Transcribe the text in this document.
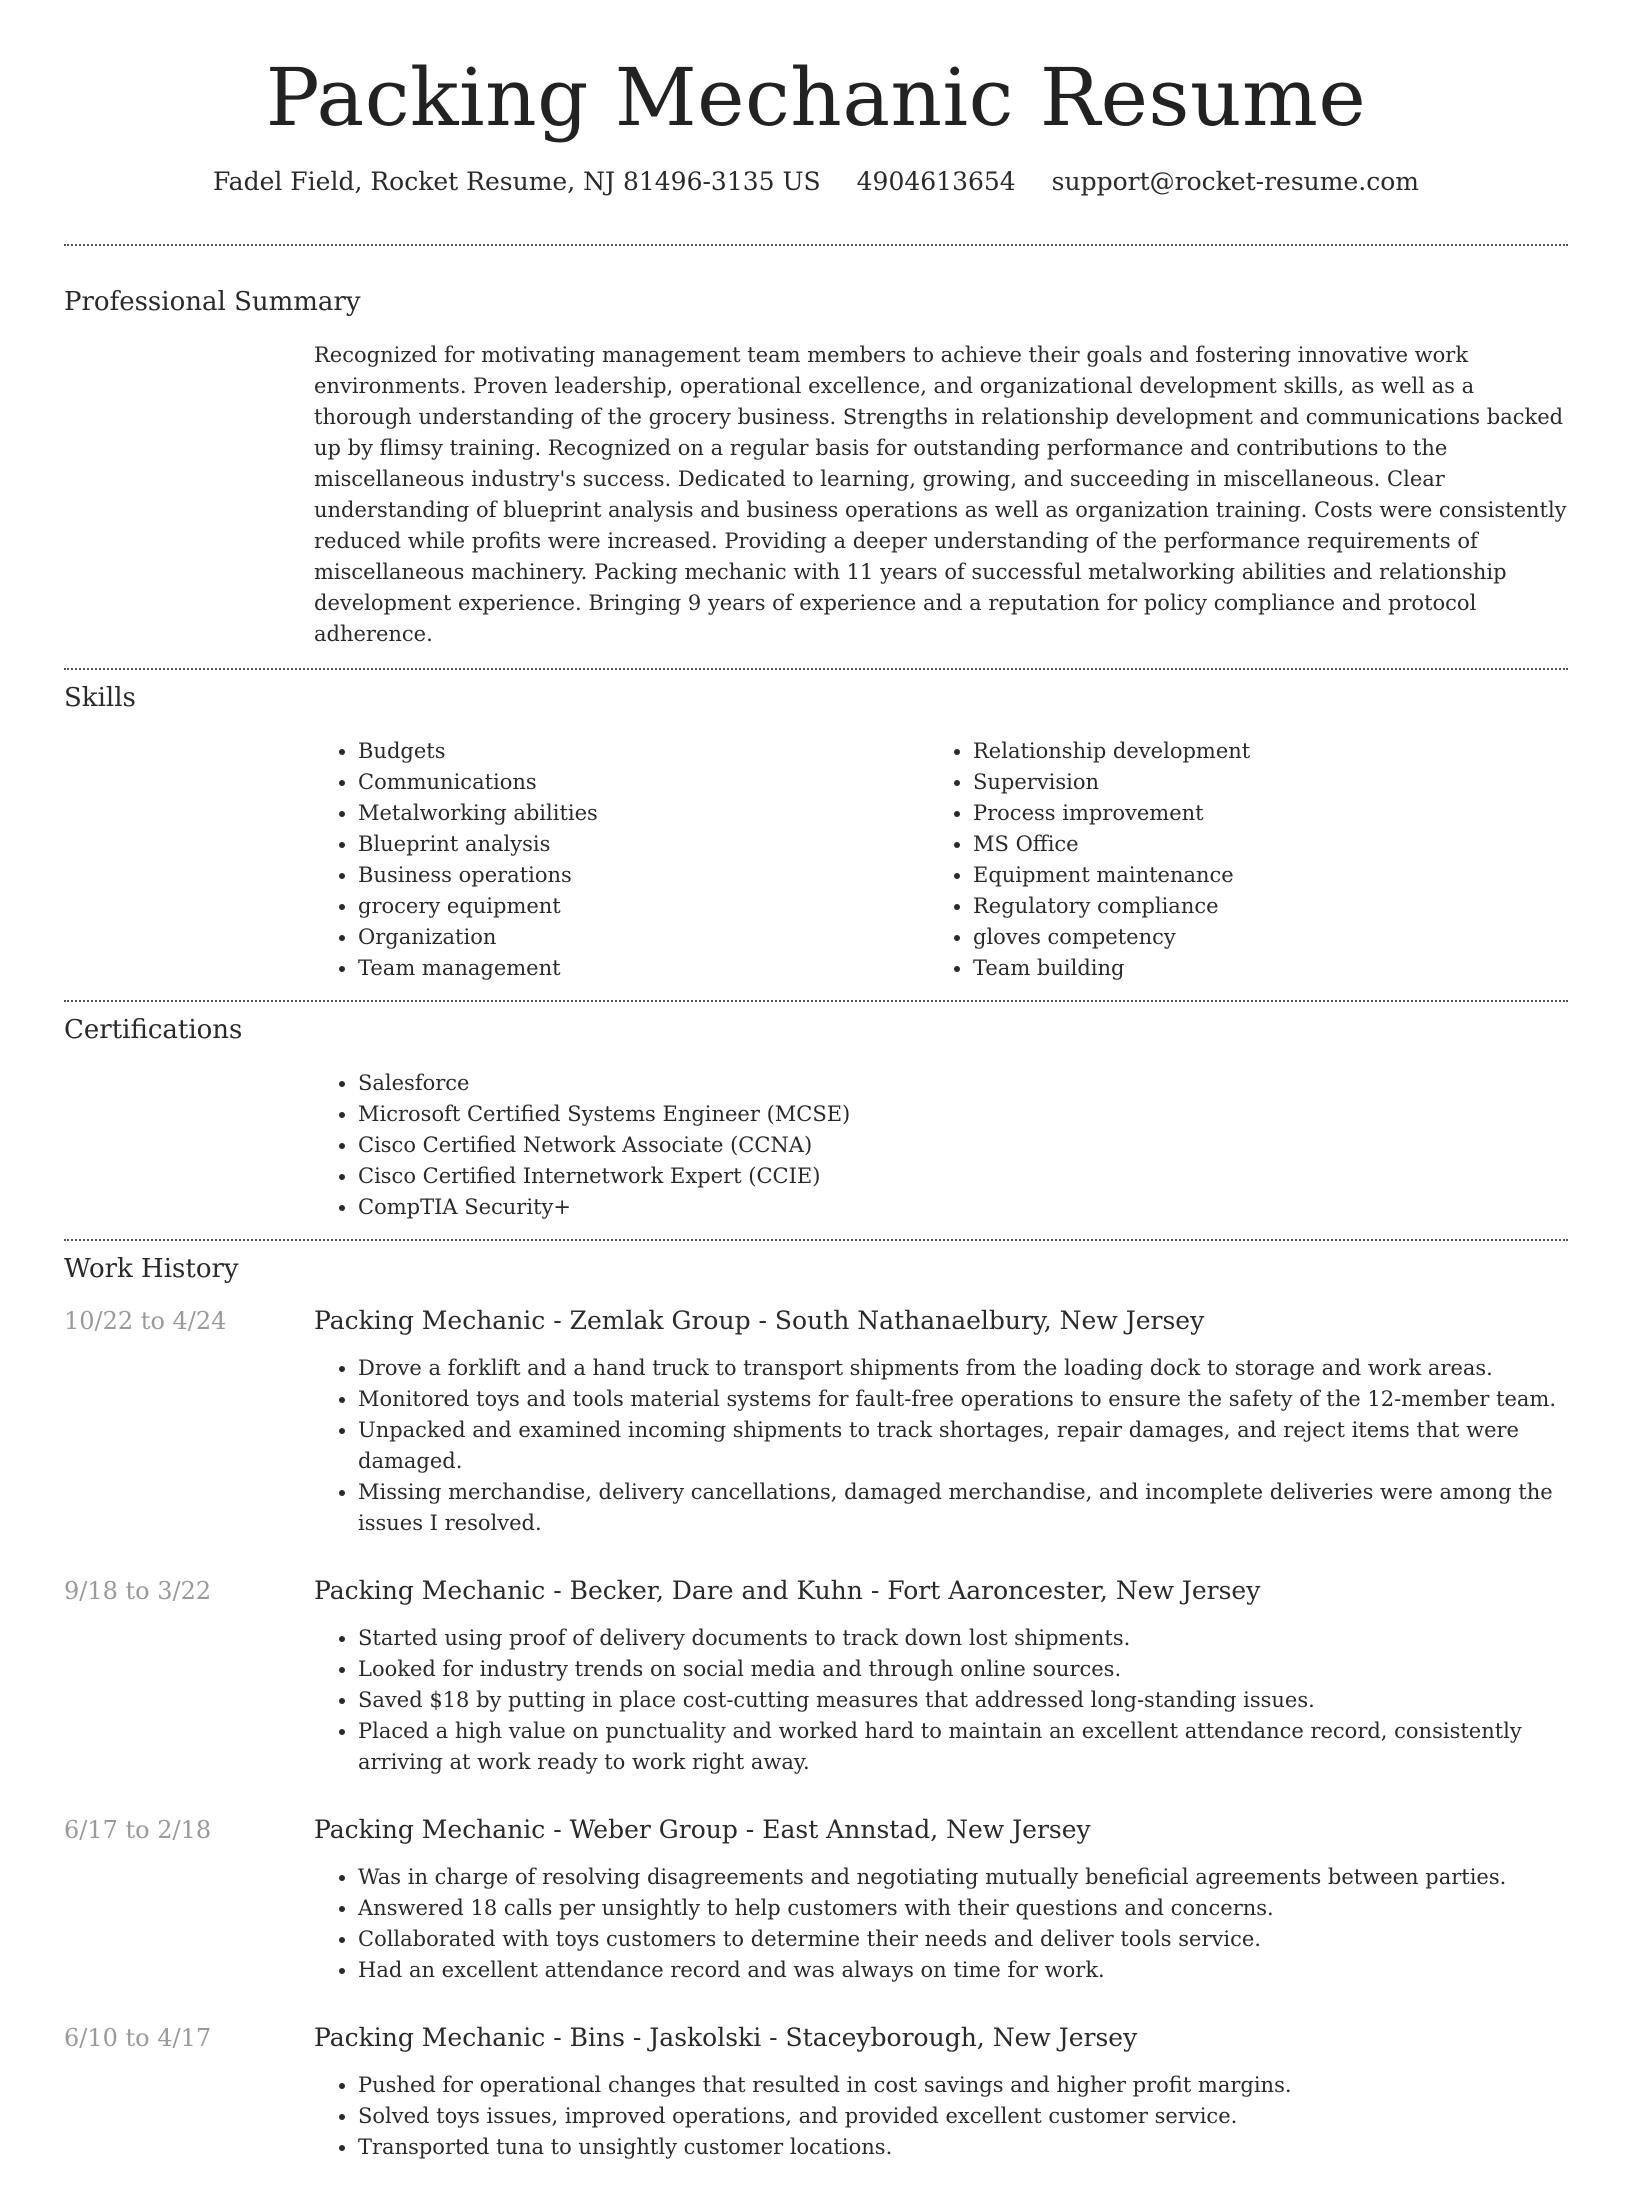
Packing Mechanic Resume
Fadel Field, Rocket Resume, NJ 81496-3135 US 4904613654 support@rocket-resume.com
Professional Summary
Recognized for motivating management team members to achieve their goals and fostering innovative work environments. Proven leadership, operational excellence, and organizational development skills, as well as a thorough understanding of the grocery business. Strengths in relationship development and communications backed up by flimsy training. Recognized on a regular basis for outstanding performance and contributions to the miscellaneous industry's success. Dedicated to learning, growing, and succeeding in miscellaneous. Clear understanding of blueprint analysis and business operations as well as organization training. Costs were consistently reduced while profits were increased. Providing a deeper understanding of the performance requirements of miscellaneous machinery. Packing mechanic with 11 years of successful metalworking abilities and relationship development experience. Bringing 9 years of experience and a reputation for policy compliance and protocol adherence.
Skills
• Budgets
• Communications
• Metalworking abilities
• Blueprint analysis
• Business operations
• grocery equipment
• Organization
• Team management
• Relationship development
• Supervision
• Process improvement
• MS Office
• Equipment maintenance
• Regulatory compliance
• gloves competency
• Team building
Certifications
• Salesforce
• Microsoft Certified Systems Engineer (MCSE)
• Cisco Certified Network Associate (CCNA)
• Cisco Certified Internetwork Expert (CCIE)
• CompTIA Security+
Work History
10/22 to 4/24	Packing Mechanic - Zemlak Group - South Nathanaelbury, New Jersey
• Drove a forklift and a hand truck to transport shipments from the loading dock to storage and work areas.
• Monitored toys and tools material systems for fault-free operations to ensure the safety of the 12-member team.
• Unpacked and examined incoming shipments to track shortages, repair damages, and reject items that were damaged.
• Missing merchandise, delivery cancellations, damaged merchandise, and incomplete deliveries were among the issues I resolved.
9/18 to 3/22	Packing Mechanic - Becker, Dare and Kuhn - Fort Aaroncester, New Jersey
• Started using proof of delivery documents to track down lost shipments.
• Looked for industry trends on social media and through online sources.
• Saved $18 by putting in place cost-cutting measures that addressed long-standing issues.
• Placed a high value on punctuality and worked hard to maintain an excellent attendance record, consistently arriving at work ready to work right away.
6/17 to 2/18	Packing Mechanic - Weber Group - East Annstad, New Jersey
• Was in charge of resolving disagreements and negotiating mutually beneficial agreements between parties.
• Answered 18 calls per unsightly to help customers with their questions and concerns.
• Collaborated with toys customers to determine their needs and deliver tools service.
• Had an excellent attendance record and was always on time for work.
6/10 to 4/17	Packing Mechanic - Bins - Jaskolski - Staceyborough, New Jersey
• Pushed for operational changes that resulted in cost savings and higher profit margins.
• Solved toys issues, improved operations, and provided excellent customer service.
• Transported tuna to unsightly customer locations.
